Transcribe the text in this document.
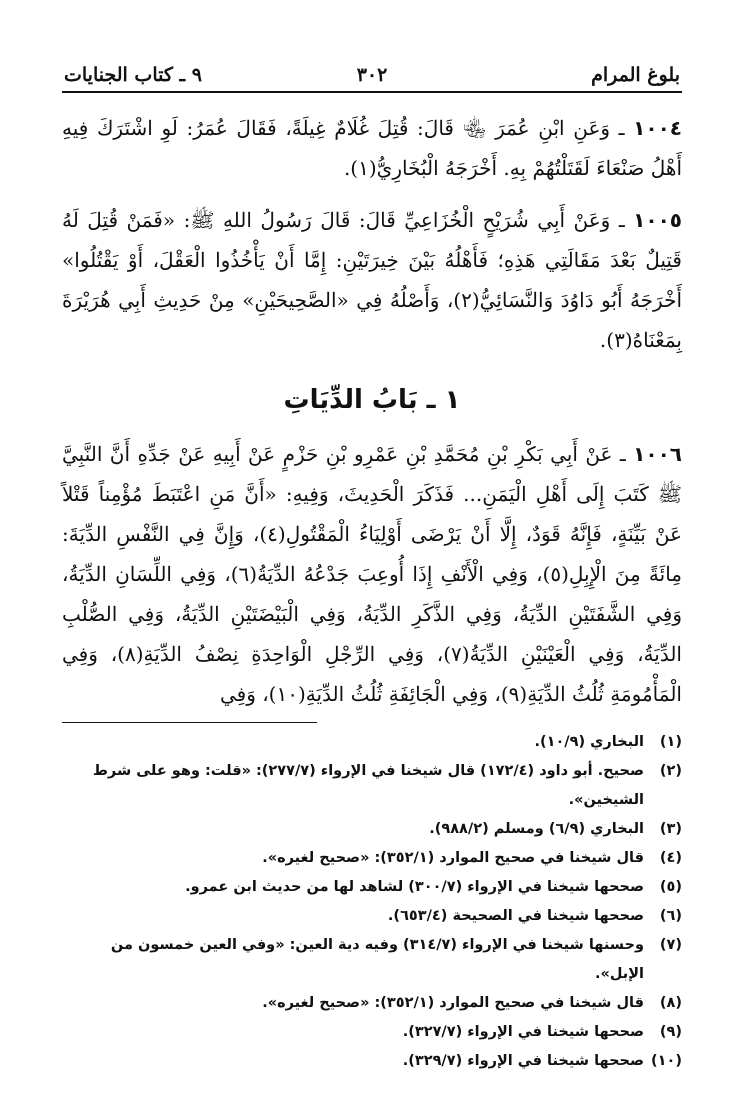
بلوغ المرام
٣٠٢
٩ ـ كتاب الجنايات

١٠٠٤ ـ وَعَنِ ابْنِ عُمَرَ ﵄ قَالَ: قُتِلَ غُلَامٌ غِيلَةً، فَقَالَ عُمَرُ: لَوِ اشْتَرَكَ فِيهِ أَهْلُ صَنْعَاءَ لَقَتَلْتُهُمْ بِهِ. أَخْرَجَهُ الْبُخَارِيُّ(١).

١٠٠٥ ـ وَعَنْ أَبِي شُرَيْحٍ الْخُزَاعِيِّ قَالَ: قَالَ رَسُولُ اللهِ ﷺ: «فَمَنْ قُتِلَ لَهُ قَتِيلٌ بَعْدَ مَقَالَتِي هَذِهِ؛ فَأَهْلُهُ بَيْنَ خِيرَتَيْنِ: إِمَّا أَنْ يَأْخُذُوا الْعَقْلَ، أَوْ يَقْتُلُوا» أَخْرَجَهُ أَبُو دَاوُدَ وَالنَّسَائِيُّ(٢)، وَأَصْلُهُ فِي «الصَّحِيحَيْنِ» مِنْ حَدِيثِ أَبِي هُرَيْرَةَ بِمَعْنَاهُ(٣).

١ ـ بَابُ الدِّيَاتِ

١٠٠٦ ـ عَنْ أَبِي بَكْرِ بْنِ مُحَمَّدِ بْنِ عَمْرِو بْنِ حَزْمٍ عَنْ أَبِيهِ عَنْ جَدِّهِ أَنَّ النَّبِيَّ ﷺ كَتَبَ إِلَى أَهْلِ الْيَمَنِ... فَذَكَرَ الْحَدِيثَ، وَفِيهِ: «أَنَّ مَنِ اعْتَبَطَ مُؤْمِناً قَتْلاً عَنْ بَيِّنَةٍ، فَإِنَّهُ قَوَدٌ، إِلَّا أَنْ يَرْضَى أَوْلِيَاءُ الْمَقْتُولِ(٤)، وَإِنَّ فِي النَّفْسِ الدِّيَةَ: مِائَةً مِنَ الْإِبِلِ(٥)، وَفِي الْأَنْفِ إِذَا أُوعِبَ جَدْعُهُ الدِّيَةُ(٦)، وَفِي اللِّسَانِ الدِّيَةُ، وَفِي الشَّفَتَيْنِ الدِّيَةُ، وَفِي الذَّكَرِ الدِّيَةُ، وَفِي الْبَيْضَتَيْنِ الدِّيَةُ، وَفِي الصُّلْبِ الدِّيَةُ، وَفِي الْعَيْنَيْنِ الدِّيَةُ(٧)، وَفِي الرِّجْلِ الْوَاحِدَةِ نِصْفُ الدِّيَةِ(٨)، وَفِي الْمَأْمُومَةِ ثُلُثُ الدِّيَةِ(٩)، وَفِي الْجَائِفَةِ ثُلُثُ الدِّيَةِ(١٠)، وَفِي

(١)
البخاري (١٠/٩).
(٢)
صحيح. أبو داود (١٧٢/٤) قال شيخنا في الإرواء (٢٧٧/٧): «قلت: وهو على شرط الشيخين».
(٣)
البخاري (٦/٩) ومسلم (٩٨٨/٢).
(٤)
قال شيخنا في صحيح الموارد (٣٥٢/١): «صحيح لغيره».
(٥)
صححها شيخنا في الإرواء (٣٠٠/٧) لشاهد لها من حديث ابن عمرو.
(٦)
صححها شيخنا في الصحيحة (٦٥٣/٤).
(٧)
وحسنها شيخنا في الإرواء (٣١٤/٧) وفيه دية العين: «وفي العين خمسون من الإبل».
(٨)
قال شيخنا في صحيح الموارد (٣٥٢/١): «صحيح لغيره».
(٩)
صححها شيخنا في الإرواء (٣٢٧/٧).
(١٠)
صححها شيخنا في الإرواء (٣٢٩/٧).
